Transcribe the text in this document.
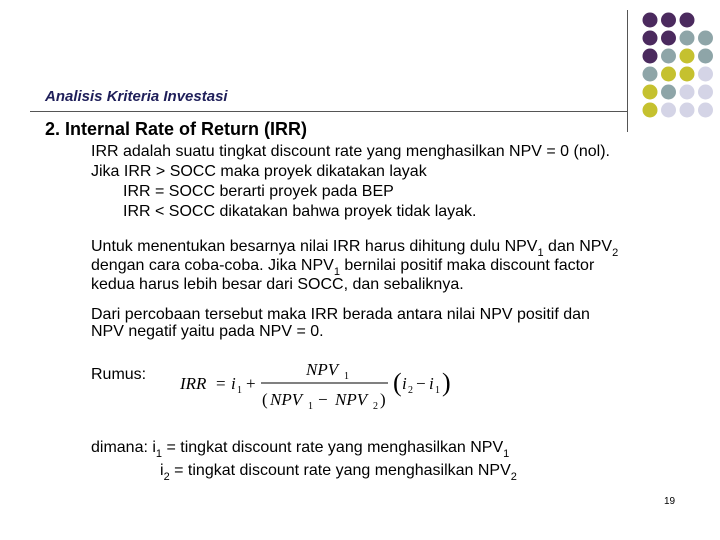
Analisis Kriteria Investasi
2. Internal Rate of Return (IRR)
IRR adalah suatu tingkat discount rate yang menghasilkan NPV = 0 (nol).
Jika IRR > SOCC maka proyek dikatakan layak
IRR = SOCC berarti proyek pada BEP
IRR < SOCC dikatakan bahwa proyek tidak layak.
Untuk menentukan besarnya nilai IRR harus dihitung dulu $NPV_1$ dan $NPV_2$
dengan cara coba-coba. Jika $NPV_1$ bernilai positif maka discount factor
kedua harus lebih besar dari SOCC, dan sebaliknya.
Dari percobaan tersebut maka IRR berada antara nilai NPV positif dan
NPV negatif yaitu pada NPV = 0.
Rumus: IRR = i 1 +
NPV 1
( NPV 1 − NPV 2 )
( i 2 − i 1 )
dimana: $i_1$ = tingkat discount rate yang menghasilkan $NPV_1$
$i_2$ = tingkat discount rate yang menghasilkan $NPV_2$
19
